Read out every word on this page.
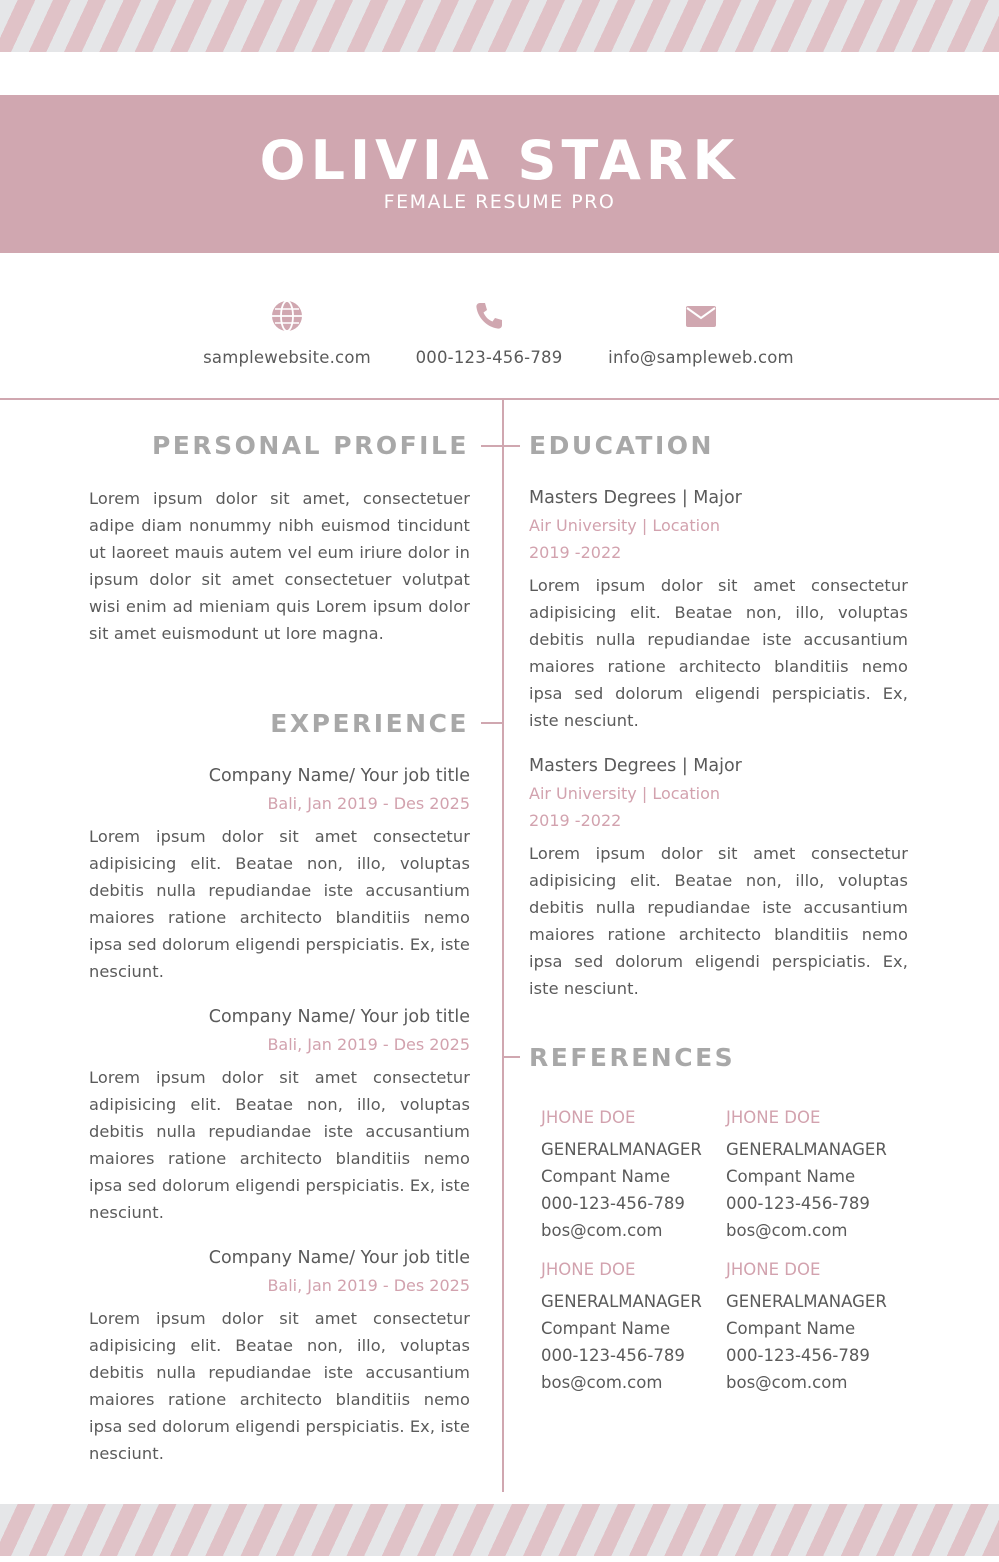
OLIVIA STARK
FEMALE RESUME PRO
samplewebsite.com	000-123-456-789	info@sampleweb.com
PERSONAL PROFILE
Lorem ipsum dolor sit amet, consectetuer adipe diam nonummy nibh euismod tincidunt ut laoreet mauis autem vel eum iriure dolor in ipsum dolor sit amet consectetuer volutpat wisi enim ad mieniam quis Lorem ipsum dolor sit amet euismodunt ut lore magna.
EXPERIENCE
Company Name/ Your job title
Bali, Jan 2019 - Des 2025
Lorem ipsum dolor sit amet consectetur adipisicing elit. Beatae non, illo, voluptas debitis nulla repudiandae iste accusantium maiores ratione architecto blanditiis nemo ipsa sed dolorum eligendi perspiciatis. Ex, iste nesciunt.
Company Name/ Your job title
Bali, Jan 2019 - Des 2025
Lorem ipsum dolor sit amet consectetur adipisicing elit. Beatae non, illo, voluptas debitis nulla repudiandae iste accusantium maiores ratione architecto blanditiis nemo ipsa sed dolorum eligendi perspiciatis. Ex, iste nesciunt.
Company Name/ Your job title
Bali, Jan 2019 - Des 2025
Lorem ipsum dolor sit amet consectetur adipisicing elit. Beatae non, illo, voluptas debitis nulla repudiandae iste accusantium maiores ratione architecto blanditiis nemo ipsa sed dolorum eligendi perspiciatis. Ex, iste nesciunt.
EDUCATION
Masters Degrees | Major
Air University | Location
2019 -2022
Lorem ipsum dolor sit amet consectetur adipisicing elit. Beatae non, illo, voluptas debitis nulla repudiandae iste accusantium maiores ratione architecto blanditiis nemo ipsa sed dolorum eligendi perspiciatis. Ex, iste nesciunt.
Masters Degrees | Major
Air University | Location
2019 -2022
Lorem ipsum dolor sit amet consectetur adipisicing elit. Beatae non, illo, voluptas debitis nulla repudiandae iste accusantium maiores ratione architecto blanditiis nemo ipsa sed dolorum eligendi perspiciatis. Ex, iste nesciunt.
REFERENCES
JHONE DOE
GENERALMANAGER
Compant Name
000-123-456-789
bos@com.com
JHONE DOE
GENERALMANAGER
Compant Name
000-123-456-789
bos@com.com
JHONE DOE
GENERALMANAGER
Compant Name
000-123-456-789
bos@com.com
JHONE DOE
GENERALMANAGER
Compant Name
000-123-456-789
bos@com.com
